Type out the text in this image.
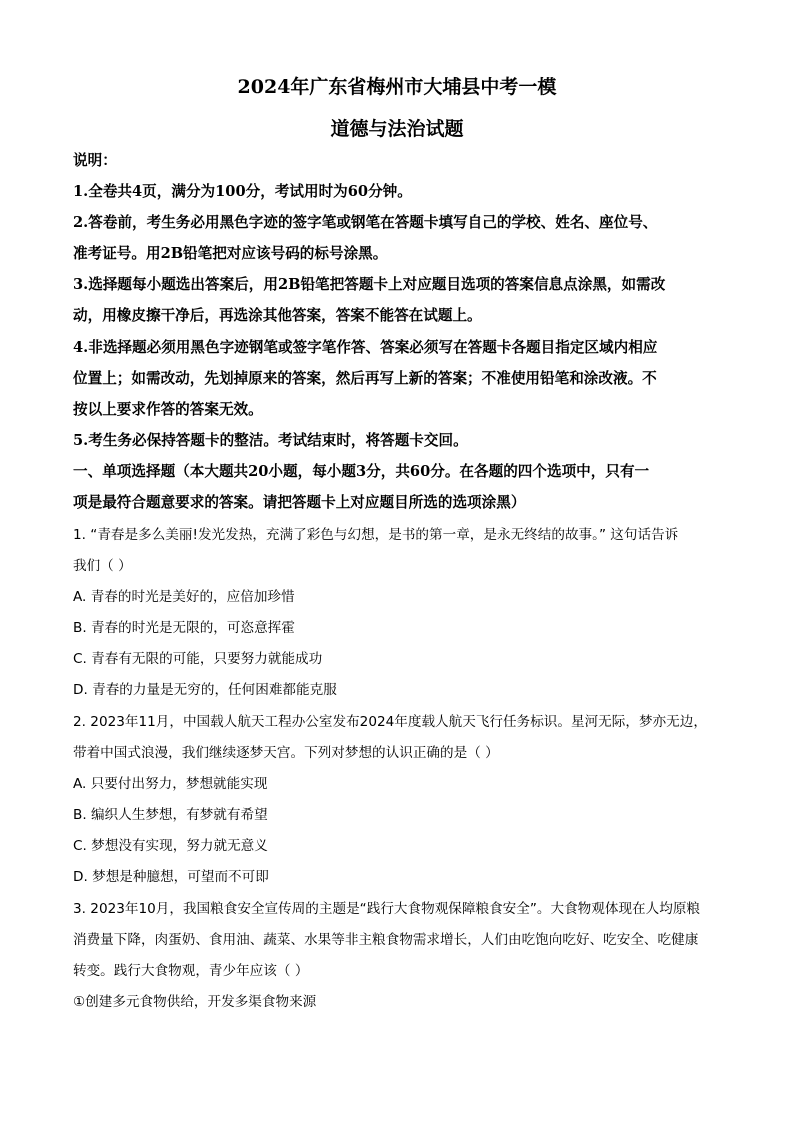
2024年广东省梅州市大埔县中考一模
道德与法治试题
说明：
1.全卷共4页，满分为100分，考试用时为60分钟。
2.答卷前，考生务必用黑色字迹的签字笔或钢笔在答题卡填写自己的学校、姓名、座位号、
准考证号。用2B铅笔把对应该号码的标号涂黑。
3.选择题每小题选出答案后，用2B铅笔把答题卡上对应题目选项的答案信息点涂黑，如需改
动，用橡皮擦干净后，再选涂其他答案，答案不能答在试题上。
4.非选择题必须用黑色字迹钢笔或签字笔作答、答案必须写在答题卡各题目指定区域内相应
位置上；如需改动，先划掉原来的答案，然后再写上新的答案；不准使用铅笔和涂改液。不
按以上要求作答的答案无效。
5.考生务必保持答题卡的整洁。考试结束时，将答题卡交回。
一、单项选择题（本大题共20小题，每小题3分，共60分。在各题的四个选项中，只有一
项是最符合题意要求的答案。请把答题卡上对应题目所选的选项涂黑）
1. “青春是多么美丽!发光发热，充满了彩色与幻想，是书的第一章，是永无终结的故事。” 这句话告诉
我们（ ）
A. 青春的时光是美好的，应倍加珍惜
B. 青春的时光是无限的，可恣意挥霍
C. 青春有无限的可能，只要努力就能成功
D. 青春的力量是无穷的，任何困难都能克服
2. 2023年11月，中国载人航天工程办公室发布2024年度载人航天飞行任务标识。星河无际，梦亦无边，
带着中国式浪漫，我们继续逐梦天宫。下列对梦想的认识正确的是（ ）
A. 只要付出努力，梦想就能实现
B. 编织人生梦想，有梦就有希望
C. 梦想没有实现，努力就无意义
D. 梦想是种臆想，可望而不可即
3. 2023年10月，我国粮食安全宣传周的主题是“践行大食物观保障粮食安全”。大食物观体现在人均原粮
消费量下降，肉蛋奶、食用油、蔬菜、水果等非主粮食物需求增长，人们由吃饱向吃好、吃安全、吃健康
转变。践行大食物观，青少年应该（ ）
①创建多元食物供给，开发多渠食物来源
